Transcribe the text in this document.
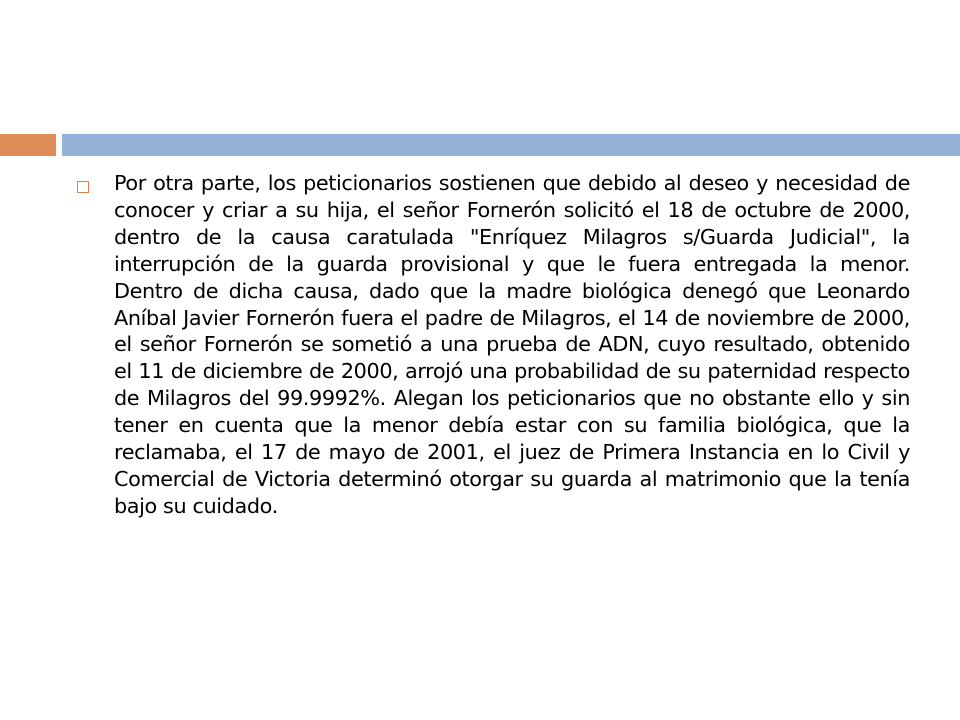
Por otra parte, los peticionarios sostienen que debido al deseo y necesidad de conocer y criar a su hija, el señor Fornerón solicitó el 18 de octubre de 2000, dentro de la causa caratulada "Enríquez Milagros s/Guarda Judicial", la interrupción de la guarda provisional y que le fuera entregada la menor. Dentro de dicha causa, dado que la madre biológica denegó que Leonardo Aníbal Javier Fornerón fuera el padre de Milagros, el 14 de noviembre de 2000, el señor Fornerón se sometió a una prueba de ADN, cuyo resultado, obtenido el 11 de diciembre de 2000, arrojó una probabilidad de su paternidad respecto de Milagros del 99.9992%. Alegan los peticionarios que no obstante ello y sin tener en cuenta que la menor debía estar con su familia biológica, que la reclamaba, el 17 de mayo de 2001, el juez de Primera Instancia en lo Civil y Comercial de Victoria determinó otorgar su guarda al matrimonio que la tenía bajo su cuidado.
